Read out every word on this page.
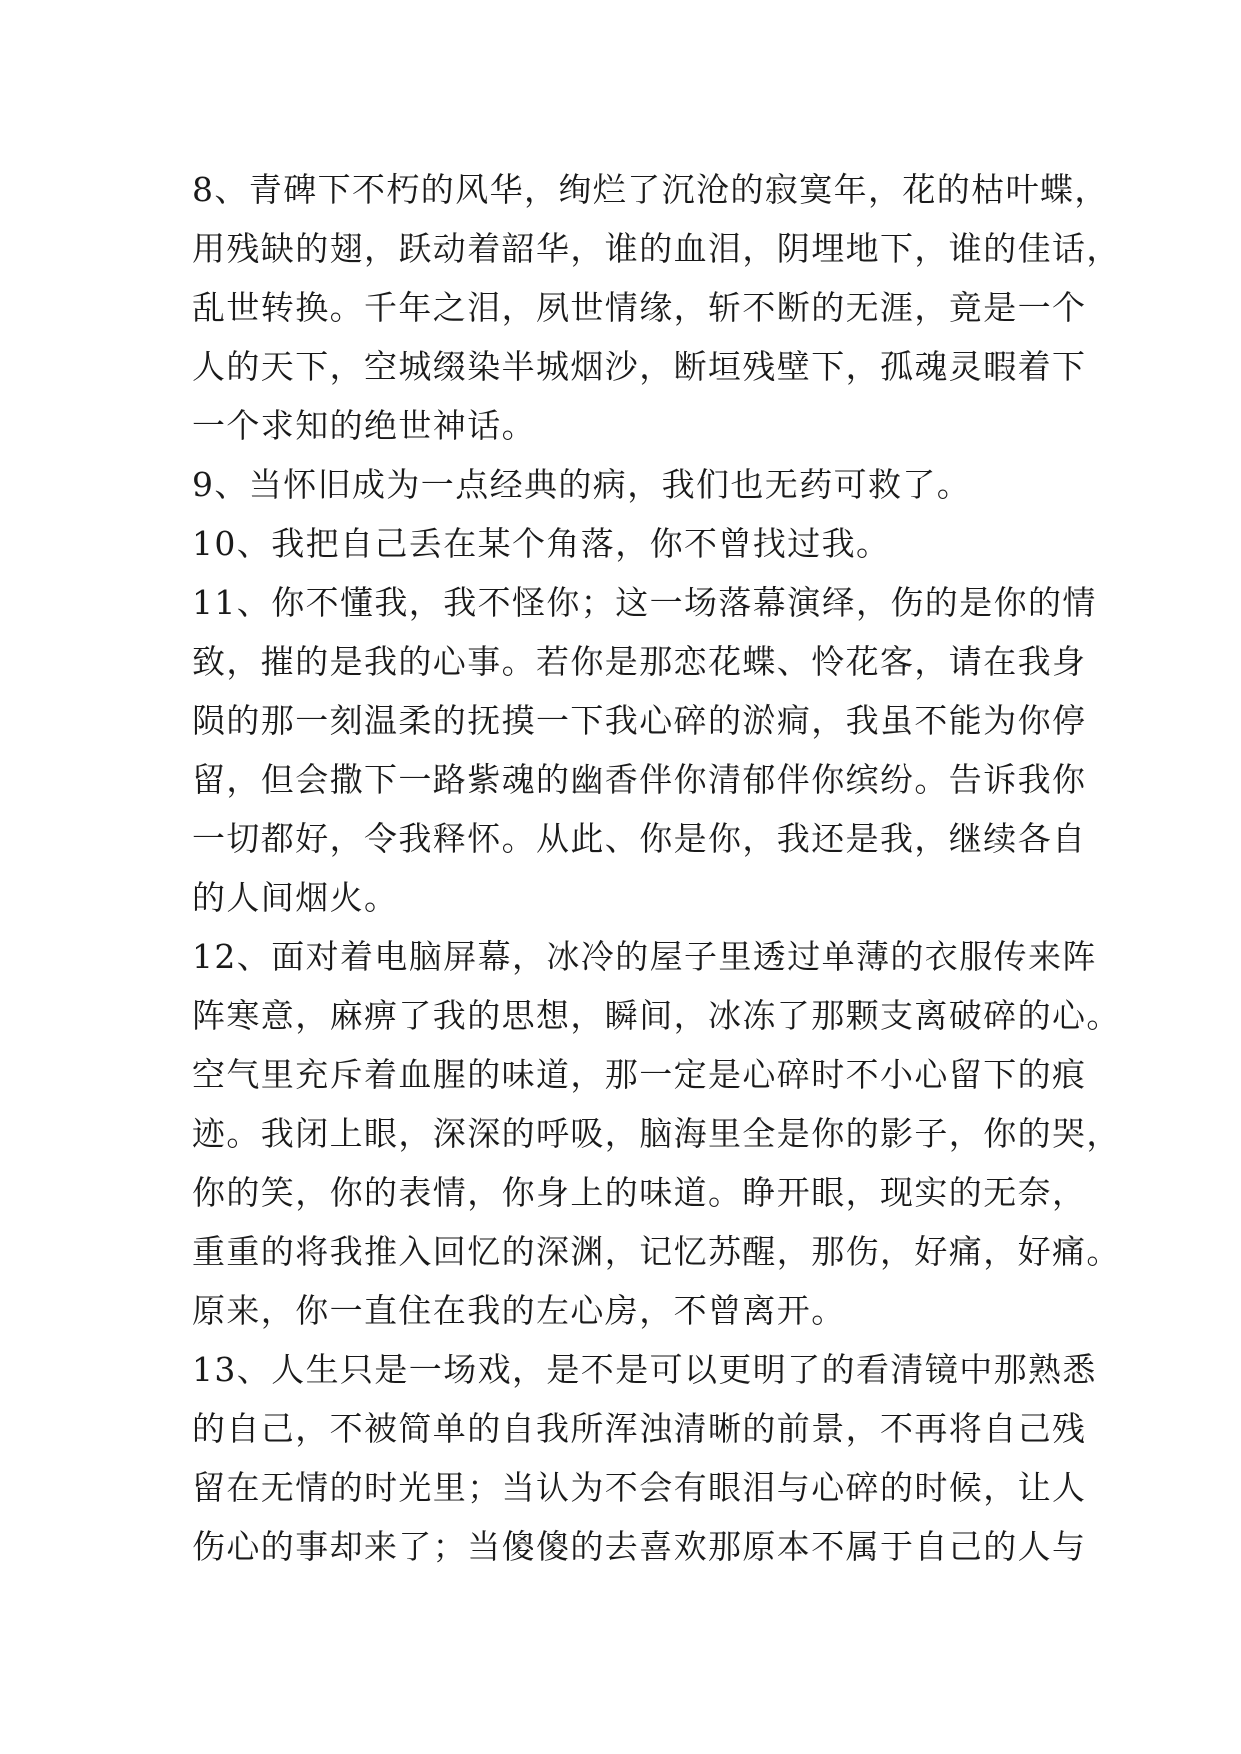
8、青碑下不朽的风华，绚烂了沉沧的寂寞年，花的枯叶蝶，
用残缺的翅，跃动着韶华，谁的血泪，阴埋地下，谁的佳话，
乱世转换。千年之泪，夙世情缘，斩不断的无涯，竟是一个
人的天下，空城缀染半城烟沙，断垣残壁下，孤魂灵暇着下
一个求知的绝世神话。
9、当怀旧成为一点经典的病，我们也无药可救了。
10、我把自己丢在某个角落，你不曾找过我。
11、你不懂我，我不怪你；这一场落幕演绎，伤的是你的情
致，摧的是我的心事。若你是那恋花蝶、怜花客，请在我身
陨的那一刻温柔的抚摸一下我心碎的淤痌，我虽不能为你停
留，但会撒下一路紫魂的幽香伴你清郁伴你缤纷。告诉我你
一切都好，令我释怀。从此、你是你，我还是我，继续各自
的人间烟火。
12、面对着电脑屏幕，冰冷的屋子里透过单薄的衣服传来阵
阵寒意，麻痹了我的思想，瞬间，冰冻了那颗支离破碎的心。
空气里充斥着血腥的味道，那一定是心碎时不小心留下的痕
迹。我闭上眼，深深的呼吸，脑海里全是你的影子，你的哭，
你的笑，你的表情，你身上的味道。睁开眼，现实的无奈，
重重的将我推入回忆的深渊，记忆苏醒，那伤，好痛，好痛。
原来，你一直住在我的左心房，不曾离开。
13、人生只是一场戏，是不是可以更明了的看清镜中那熟悉
的自己，不被简单的自我所浑浊清晰的前景，不再将自己残
留在无情的时光里；当认为不会有眼泪与心碎的时候，让人
伤心的事却来了；当傻傻的去喜欢那原本不属于自己的人与
